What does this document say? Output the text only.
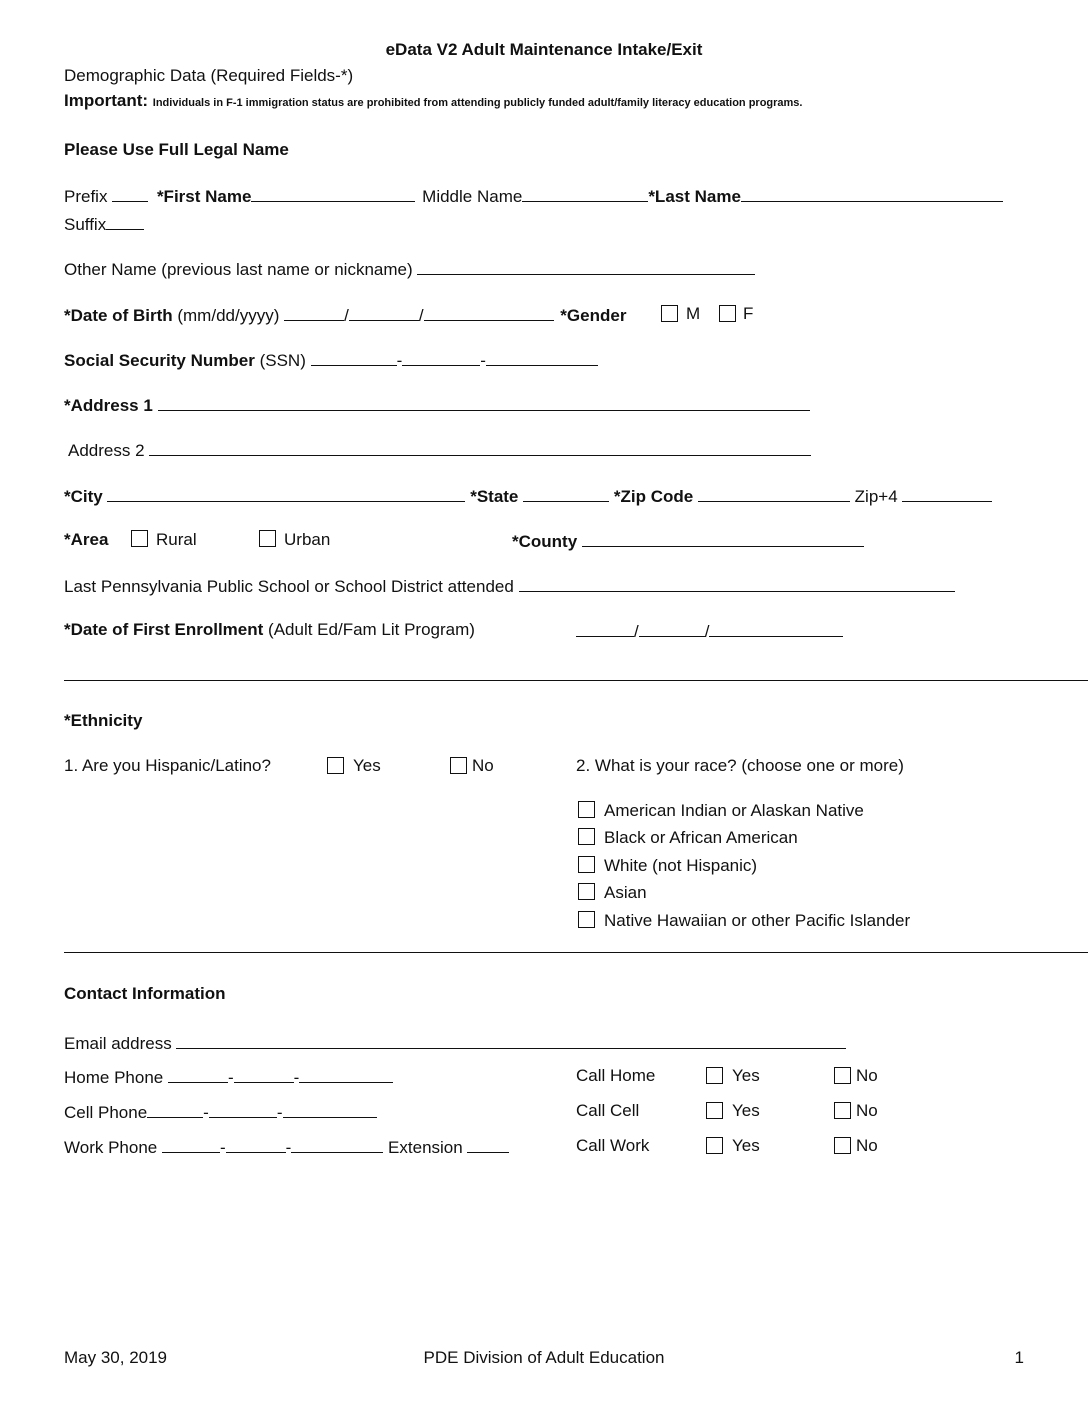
eData V2 Adult Maintenance Intake/Exit
Demographic Data (Required Fields-*)
Important: Individuals in F-1 immigration status are prohibited from attending publicly funded adult/family literacy education programs.
Please Use Full Legal Name
Prefix	*First Name	Middle Name	*Last Name
Suffix
Other Name (previous last name or nickname)
*Date of Birth (mm/dd/yyyy)	/	/	*Gender	M	F
Social Security Number (SSN)	-	-
*Address 1
Address 2
*City	*State	*Zip Code	Zip+4
*Area	Rural	Urban	*County
Last Pennsylvania Public School or School District attended
*Date of First Enrollment (Adult Ed/Fam Lit Program)	/	/
*Ethnicity
1. Are you Hispanic/Latino?	Yes	No	2. What is your race? (choose one or more)
American Indian or Alaskan Native
Black or African American
White (not Hispanic)
Asian
Native Hawaiian or other Pacific Islander
Contact Information
Email address
Home Phone	-	-	Call Home	Yes	No
Cell Phone	-	-	Call Cell	Yes	No
Work Phone	-	-	Extension	Call Work	Yes	No
May 30, 2019	PDE Division of Adult Education	1
